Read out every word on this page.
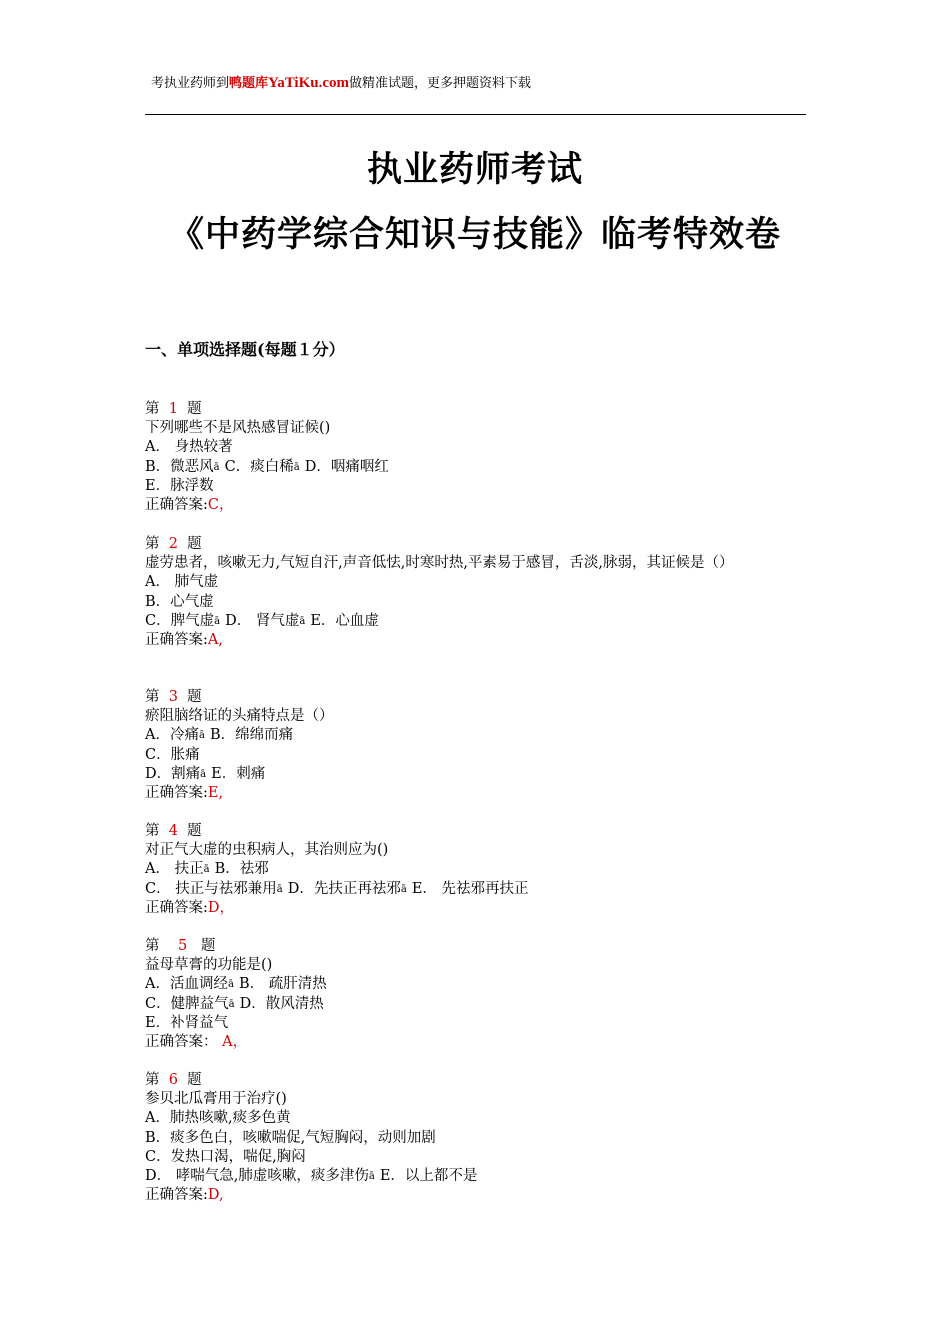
考执业药师到鸭题库YaTiKu.com做精准试题，更多押题资料下载
执业药师考试
《中药学综合知识与技能》临考特效卷
一、单项选择题(每题１分）
第 1 题
下列哪些不是风热感冒证候()
A． 身热较著
B．微恶风ā C．痰白稀ā D．咽痛咽红
E．脉浮数
正确答案:C，
第 2 题
虚劳患者，咳嗽无力,气短自汗,声音低怯,时寒时热,平素易于感冒，舌淡,脉弱，其证候是（）
A． 肺气虚
B．心气虚
C．脾气虚ā D． 肾气虚ā E．心血虚
正确答案:A,
第 3 题
瘀阻脑络证的头痛特点是（）
A．冷痛ā B．绵绵而痛
C．胀痛
D．割痛ā E．刺痛
正确答案:E,
第 4 题
对正气大虚的虫积病人，其治则应为()
A． 扶正ā B．祛邪
C． 扶正与祛邪兼用ā D．先扶正再祛邪ā E． 先祛邪再扶正
正确答案:D，
第 5 题
益母草膏的功能是()
A．活血调经ā B． 疏肝清热
C．健脾益气ā D．散风清热
E．补肾益气
正确答案： A，
第 6 题
参贝北瓜膏用于治疗()
A．肺热咳嗽,痰多色黄
B．痰多色白，咳嗽喘促,气短胸闷，动则加剧
C．发热口渴，喘促,胸闷
D． 哮喘气急,肺虚咳嗽，痰多津伤ā E．以上都不是
正确答案:D,
